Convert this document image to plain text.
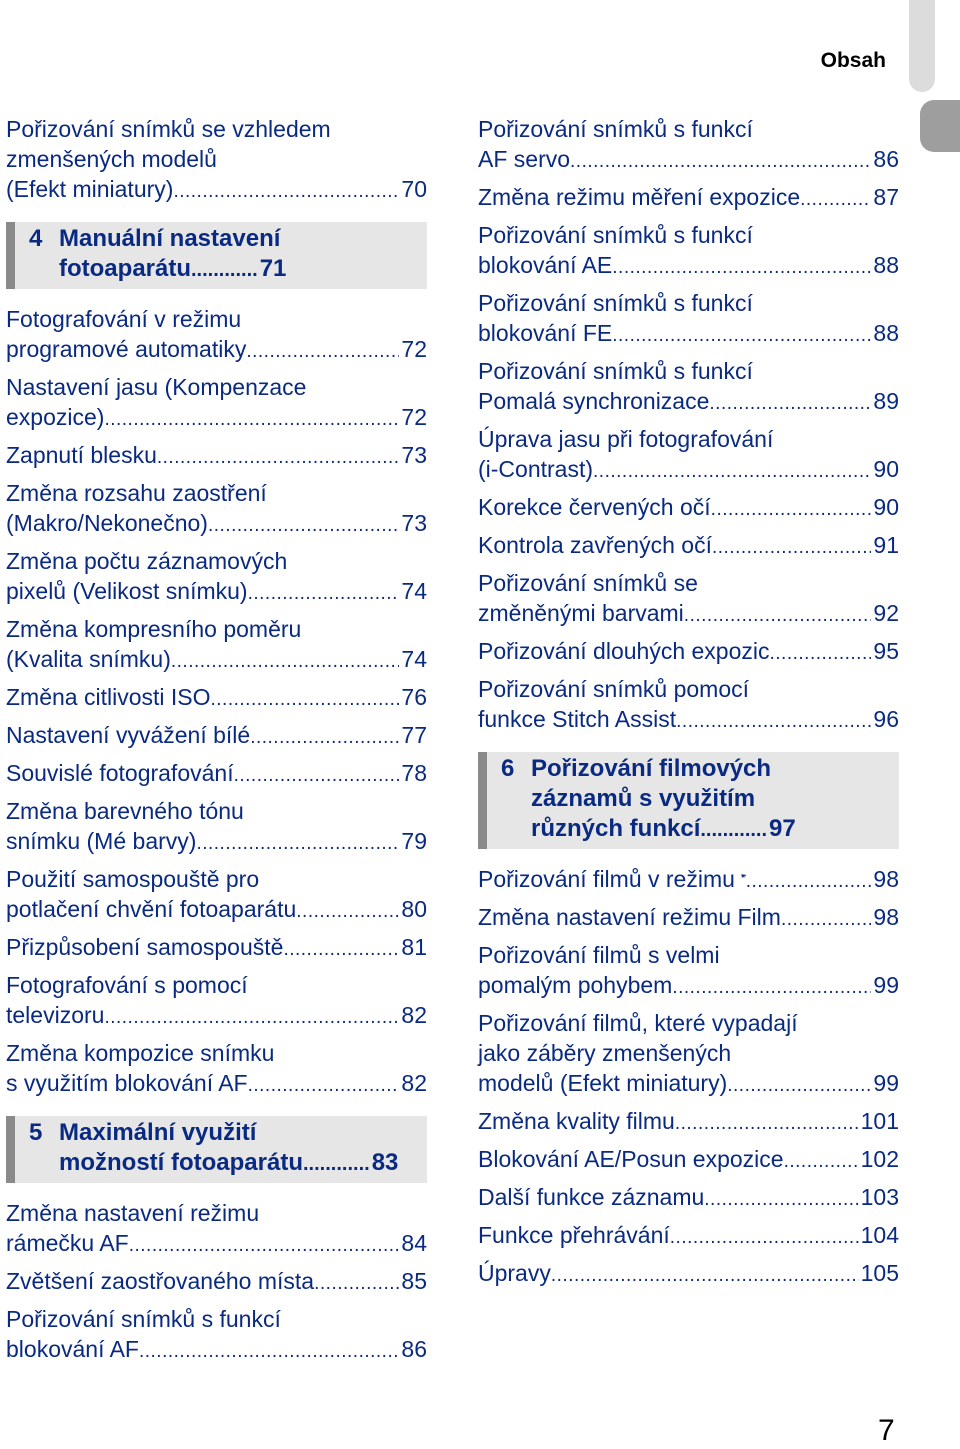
Obsah
Pořizování snímků se vzhledem
zmenšených modelů
(Efekt miniatury) .....	70
4 Manuální nastavení
fotoaparátu .....	71
Fotografování v režimu
programové automatiky .....	72
Nastavení jasu (Kompenzace
expozice) .....	72
Zapnutí blesku .....	73
Změna rozsahu zaostření
(Makro/Nekonečno) .....	73
Změna počtu záznamových
pixelů (Velikost snímku) .....	74
Změna kompresního poměru
(Kvalita snímku) .....	74
Změna citlivosti ISO .....	76
Nastavení vyvážení bílé .....	77
Souvislé fotografování .....	78
Změna barevného tónu
snímku (Mé barvy) .....	79
Použití samospouště pro
potlačení chvění fotoaparátu .....	80
Přizpůsobení samospouště .....	81
Fotografování s pomocí
televizoru .....	82
Změna kompozice snímku
s využitím blokování AF .....	82
5 Maximální využití
možností fotoaparátu .....	83
Změna nastavení režimu
rámečku AF .....	84
Zvětšení zaostřovaného místa .....	85
Pořizování snímků s funkcí
blokování AF .....	86
Pořizování snímků s funkcí
AF servo .....	86
Změna režimu měření expozice .....	87
Pořizování snímků s funkcí
blokování AE .....	88
Pořizování snímků s funkcí
blokování FE .....	88
Pořizování snímků s funkcí
Pomalá synchronizace .....	89
Úprava jasu při fotografování
(i-Contrast) .....	90
Korekce červených očí .....	90
Kontrola zavřených očí .....	91
Pořizování snímků se
změněnými barvami .....	92
Pořizování dlouhých expozic .....	95
Pořizování snímků pomocí
funkce Stitch Assist .....	96
6 Pořizování filmových
záznamů s využitím
různých funkcí .....	97
Pořizování filmů v režimu .....	98
Změna nastavení režimu Film .....	98
Pořizování filmů s velmi
pomalým pohybem .....	99
Pořizování filmů, které vypadají
jako záběry zmenšených
modelů (Efekt miniatury) .....	99
Změna kvality filmu .....	101
Blokování AE/Posun expozice .....	102
Další funkce záznamu .....	103
Funkce přehrávání .....	104
Úpravy .....	105
7
